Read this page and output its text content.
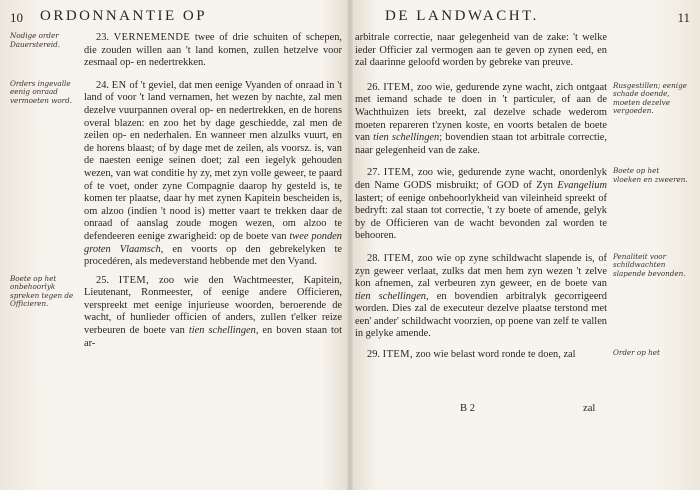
10 ORDONNANTIE OP
Nodige order Dauerstereid.

23. VERNEMENDE twee of drie schuiten of schepen, die zouden willen aan 't land komen, zullen hetzelve voor zesmaal op- en nedertrekken.

Orders ingevalle eenig onraad vermoeten word.

24. EN of 't geviel, dat men eenige Vyanden of onraad in 't land of voor 't land vernamen, het wezen by nachte, zal men dezelve vuurpannen overal op- en nedertrekken, en de horens overal blazen: en zoo het by dage geschiedde, zal men de zeilen op- en nederhalen. En wanneer men alzulks vuurt, en de horens blaast; of by dage met de zeilen, als voorsz. is, van de naesten eenige seinen doet; zal een iegelyk gehouden wezen, van wat conditie hy zy, met zyn volle geweer, te paard of te voet, onder zyne Compagnie daarop hy gesteld is, te komen ter plaatse, daar hy met zynen Kapitein bescheiden is, om alzoo (indien 't nood is) metter vaart te trekken daar de onraad of aanslag zoude mogen wezen, om alzoo te defendeeren eenige zwarigheid: op de boete van twee ponden groten Vlaamsch, en voorts op den gebrekelyken te procedéren, als medeverstand hebbende met den Vyand.

Boete op het onbehoorlyk spreken tegen de Officieren.

25. ITEM, zoo wie den Wachtmeester, Kapitein, Lieutenant, Ronmeester, of eenige andere Officieren, verspreekt met eenige injurieuse woorden, beroerende de wacht, of hunlieder officien of anders, zullen t'elker reize verbeuren de boete van tien schellingen, en boven staan tot ar-

DE LANDWACHT.	11

arbitrale correctie, naar gelegenheid van de zake: 't welke ieder Officier zal vermogen aan te geven op zynen eed, en zal daarinne geloofd worden by gebreke van preuve.

Rusgestillen; eenige schade doende, moeten dezelve vergoeden.

26. ITEM, zoo wie, gedurende zyne wacht, zich ontgaat met iemand schade te doen in 't particuler, of aan de Wachthuizen iets breekt, zal dezelve schade wederom moeten repareren t'zynen koste, en voorts betalen de boete van tien schellingen; bovendien staan tot arbitrale correctie, naar gelegenheid van de zake.

Boete op het vloeken en zweeren.

27. ITEM, zoo wie, gedurende zyne wacht, onordenlyk den Name GODS misbruikt; of GOD of Zyn Evangelium lastert; of eenige onbehoorlykheid van vileinheid spreekt of bedryft: zal staan tot correctie, 't zy boete of amende, gelyk by de Officieren van de wacht bevonden zal worden te behooren.

Penaliteit voor schildwachten slapende bevonden.

28. ITEM, zoo wie op zyne schildwacht slapende is, of zyn geweer verlaat, zulks dat men hem zyn wezen 't zelve kon afnemen, zal verbeuren zyn geweer, en de boete van tien schellingen, en bovendien arbitralyk gecorrigeerd worden. Dies zal de executeur dezelve plaatse terstond met een' ander' schildwacht voorzien, op poene van zelf te vallen in gelyke amende.

Order op het

29. ITEM, zoo wie belast word ronde te doen, zal

B 2	zal
